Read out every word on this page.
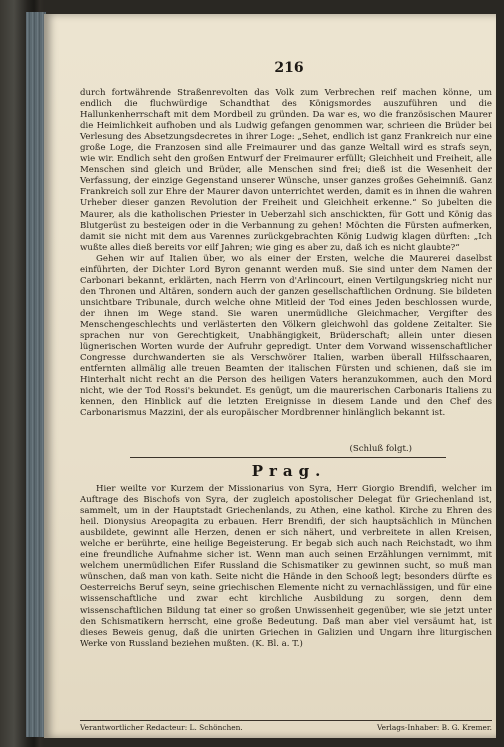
216

durch fortwährende Straßenrevolten das Volk zum Verbrechen reif machen könne, um endlich die fluchwürdige Schandthat des Königsmordes auszuführen und die Hallunkenherrschaft mit dem Mordbeil zu gründen. Da war es, wo die französischen Maurer die Heimlichkeit aufhoben und als Ludwig gefangen genommen war, schrieen die Brüder bei Verlesung des Absetzungsdecretes in ihrer Loge: „Sehet, endlich ist ganz Frankreich nur eine große Loge, die Franzosen sind alle Freimaurer und das ganze Weltall wird es strafs seyn, wie wir. Endlich seht den großen Entwurf der Freimaurer erfüllt; Gleichheit und Freiheit, alle Menschen sind gleich und Brüder, alle Menschen sind frei; dieß ist die Wesenheit der Verfassung, der einzige Gegenstand unserer Wünsche, unser ganzes großes Geheimniß. Ganz Frankreich soll zur Ehre der Maurer davon unterrichtet werden, damit es in ihnen die wahren Urheber dieser ganzen Revolution der Freiheit und Gleichheit erkenne.“ So jubelten die Maurer, als die katholischen Priester in Ueberzahl sich anschickten, für Gott und König das Blutgerüst zu besteigen oder in die Verbannung zu gehen! Möchten die Fürsten aufmerken, damit sie nicht mit dem aus Varennes zurückgebrachten König Ludwig klagen dürften: „Ich wußte alles dieß bereits vor eilf Jahren; wie ging es aber zu, daß ich es nicht glaubte?“

Gehen wir auf Italien über, wo als einer der Ersten, welche die Maurerei daselbst einführten, der Dichter Lord Byron genannt werden muß. Sie sind unter dem Namen der Carbonari bekannt, erklärten, nach Herrn von d'Arlincourt, einen Vertilgungskrieg nicht nur den Thronen und Altären, sondern auch der ganzen gesellschaftlichen Ordnung. Sie bildeten unsichtbare Tribunale, durch welche ohne Mitleid der Tod eines Jeden beschlossen wurde, der ihnen im Wege stand. Sie waren unermüdliche Gleichmacher, Vergifter des Menschengeschlechts und verlästerten den Völkern gleichwohl das goldene Zeitalter. Sie sprachen nur von Gerechtigkeit, Unabhängigkeit, Brüderschaft; allein unter diesen lügnerischen Worten wurde der Aufruhr gepredigt. Unter dem Vorwand wissenschaftlicher Congresse durchwanderten sie als Verschwörer Italien, warben überall Hilfsschaaren, entfernten allmälig alle treuen Beamten der italischen Fürsten und schienen, daß sie im Hinterhalt nicht recht an die Person des heiligen Vaters heranzukommen, auch den Mord nicht, wie der Tod Rossi's bekundet. Es genügt, um die maurerischen Carbonaris Italiens zu kennen, den Hinblick auf die letzten Ereignisse in diesem Lande und den Chef des Carbonarismus Mazzini, der als europäischer Mordbrenner hinlänglich bekannt ist.

(Schluß folgt.)
Prag.

Hier weilte vor Kurzem der Missionarius von Syra, Herr Giorgio Brendifi, welcher im Auftrage des Bischofs von Syra, der zugleich apostolischer Delegat für Griechenland ist, sammelt, um in der Hauptstadt Griechenlands, zu Athen, eine kathol. Kirche zu Ehren des heil. Dionysius Areopagita zu erbauen. Herr Brendifi, der sich hauptsächlich in München ausbildete, gewinnt alle Herzen, denen er sich nähert, und verbreitete in allen Kreisen, welche er berührte, eine heilige Begeisterung. Er begab sich auch nach Reichstadt, wo ihm eine freundliche Aufnahme sicher ist. Wenn man auch seinen Erzählungen vernimmt, mit welchem unermüdlichen Eifer Russland die Schismatiker zu gewinnen sucht, so muß man wünschen, daß man von kath. Seite nicht die Hände in den Schooß legt; besonders dürfte es Oesterreichs Beruf seyn, seine griechischen Elemente nicht zu vernachlässigen, und für eine wissenschaftliche und zwar echt kirchliche Ausbildung zu sorgen, denn dem wissenschaftlichen Bildung tat einer so großen Unwissenheit gegenüber, wie sie jetzt unter den Schismatikern herrscht, eine große Bedeutung. Daß man aber viel versäumt hat, ist dieses Beweis genug, daß die unirten Griechen in Galizien und Ungarn ihre liturgischen Werke von Russland beziehen mußten. (K. Bl. a. T.)

Verantwortlicher Redacteur: L. Schönchen.	Verlags-Inhaber: B. G. Kremer.
